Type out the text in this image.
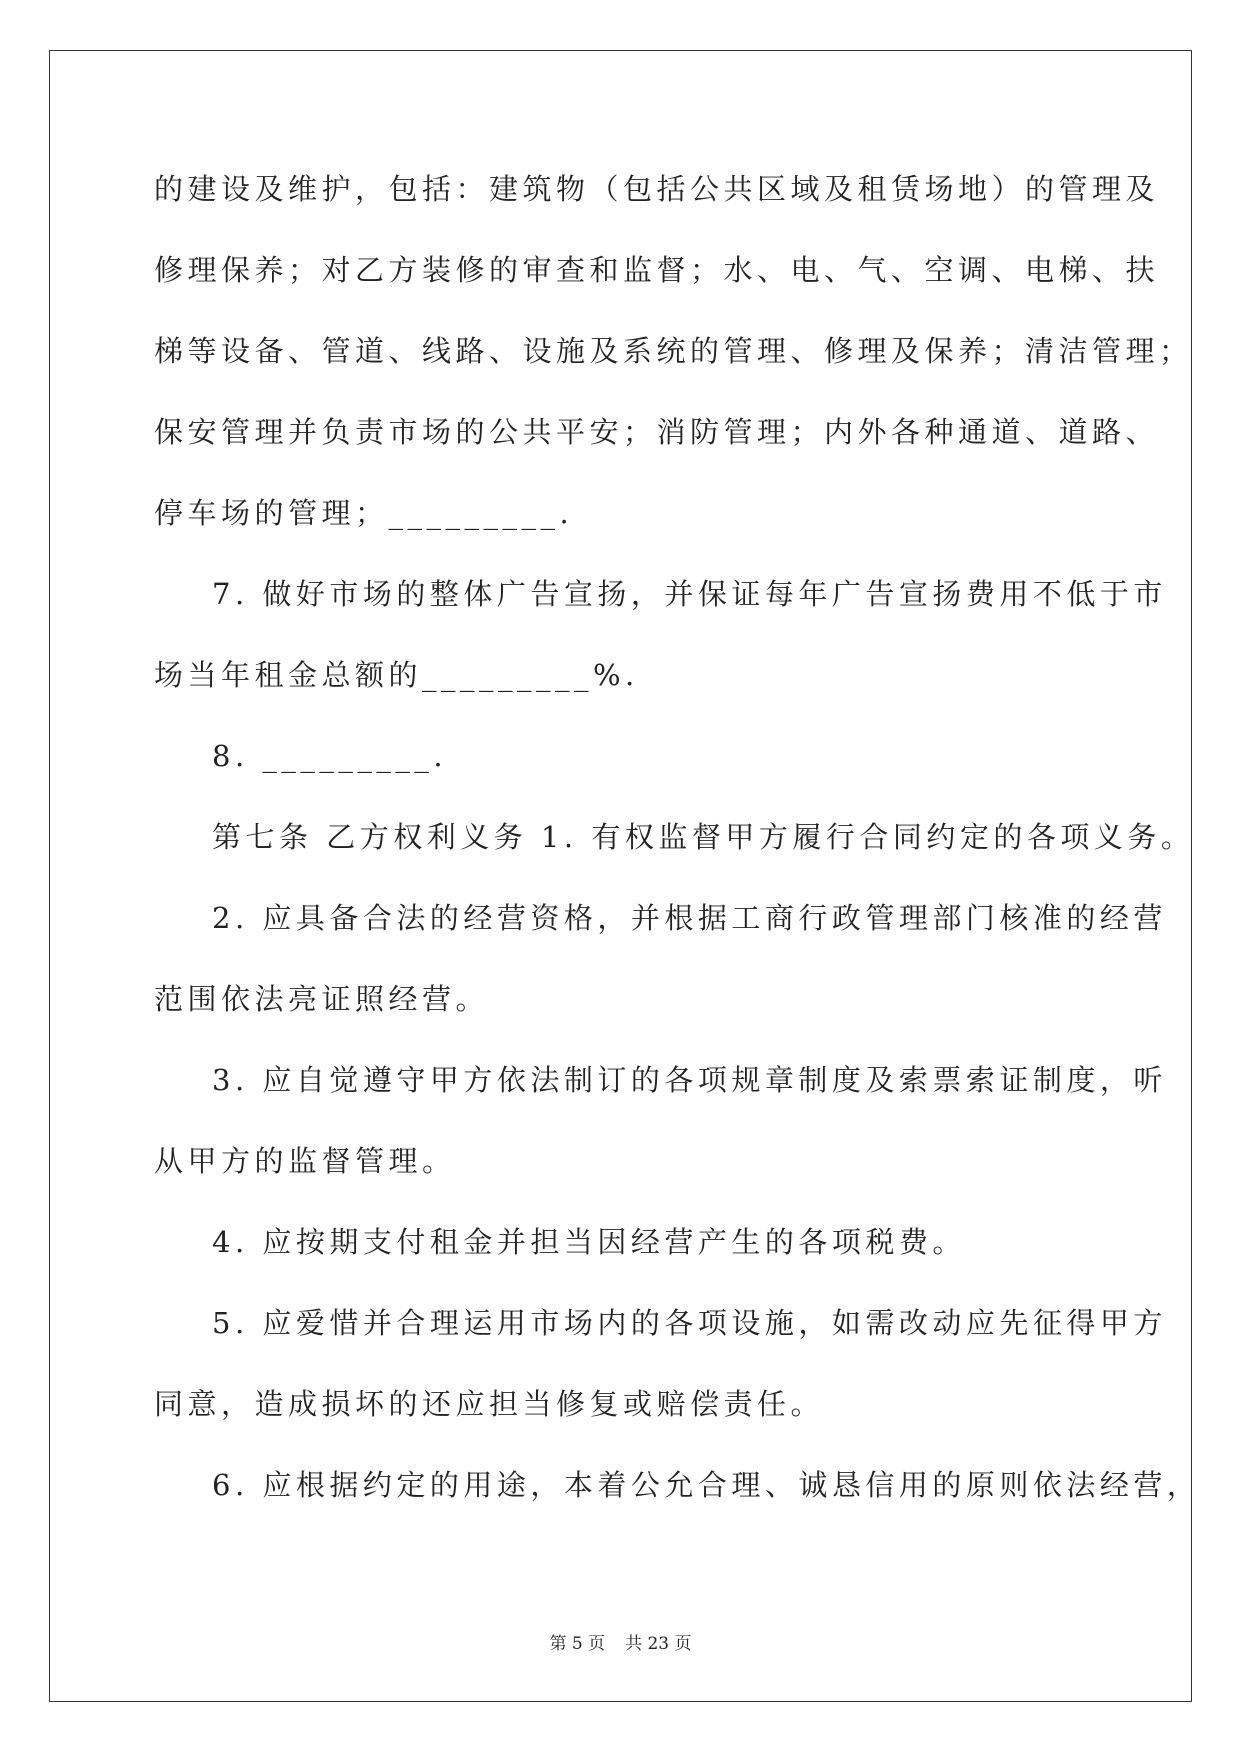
的建设及维护，包括：建筑物（包括公共区域及租赁场地）的管理及
修理保养；对乙方装修的审查和监督；水、电、气、空调、电梯、扶
梯等设备、管道、线路、设施及系统的管理、修理及保养；清洁管理；
保安管理并负责市场的公共平安；消防管理；内外各种通道、道路、
停车场的管理；_________.
7. 做好市场的整体广告宣扬，并保证每年广告宣扬费用不低于市
场当年租金总额的_________%.
8. _________.
第七条 乙方权利义务 1. 有权监督甲方履行合同约定的各项义务。
2. 应具备合法的经营资格，并根据工商行政管理部门核准的经营
范围依法亮证照经营。
3. 应自觉遵守甲方依法制订的各项规章制度及索票索证制度，听
从甲方的监督管理。
4. 应按期支付租金并担当因经营产生的各项税费。
5. 应爱惜并合理运用市场内的各项设施，如需改动应先征得甲方
同意，造成损坏的还应担当修复或赔偿责任。
6. 应根据约定的用途，本着公允合理、诚恳信用的原则依法经营，
第 5 页 共 23 页
